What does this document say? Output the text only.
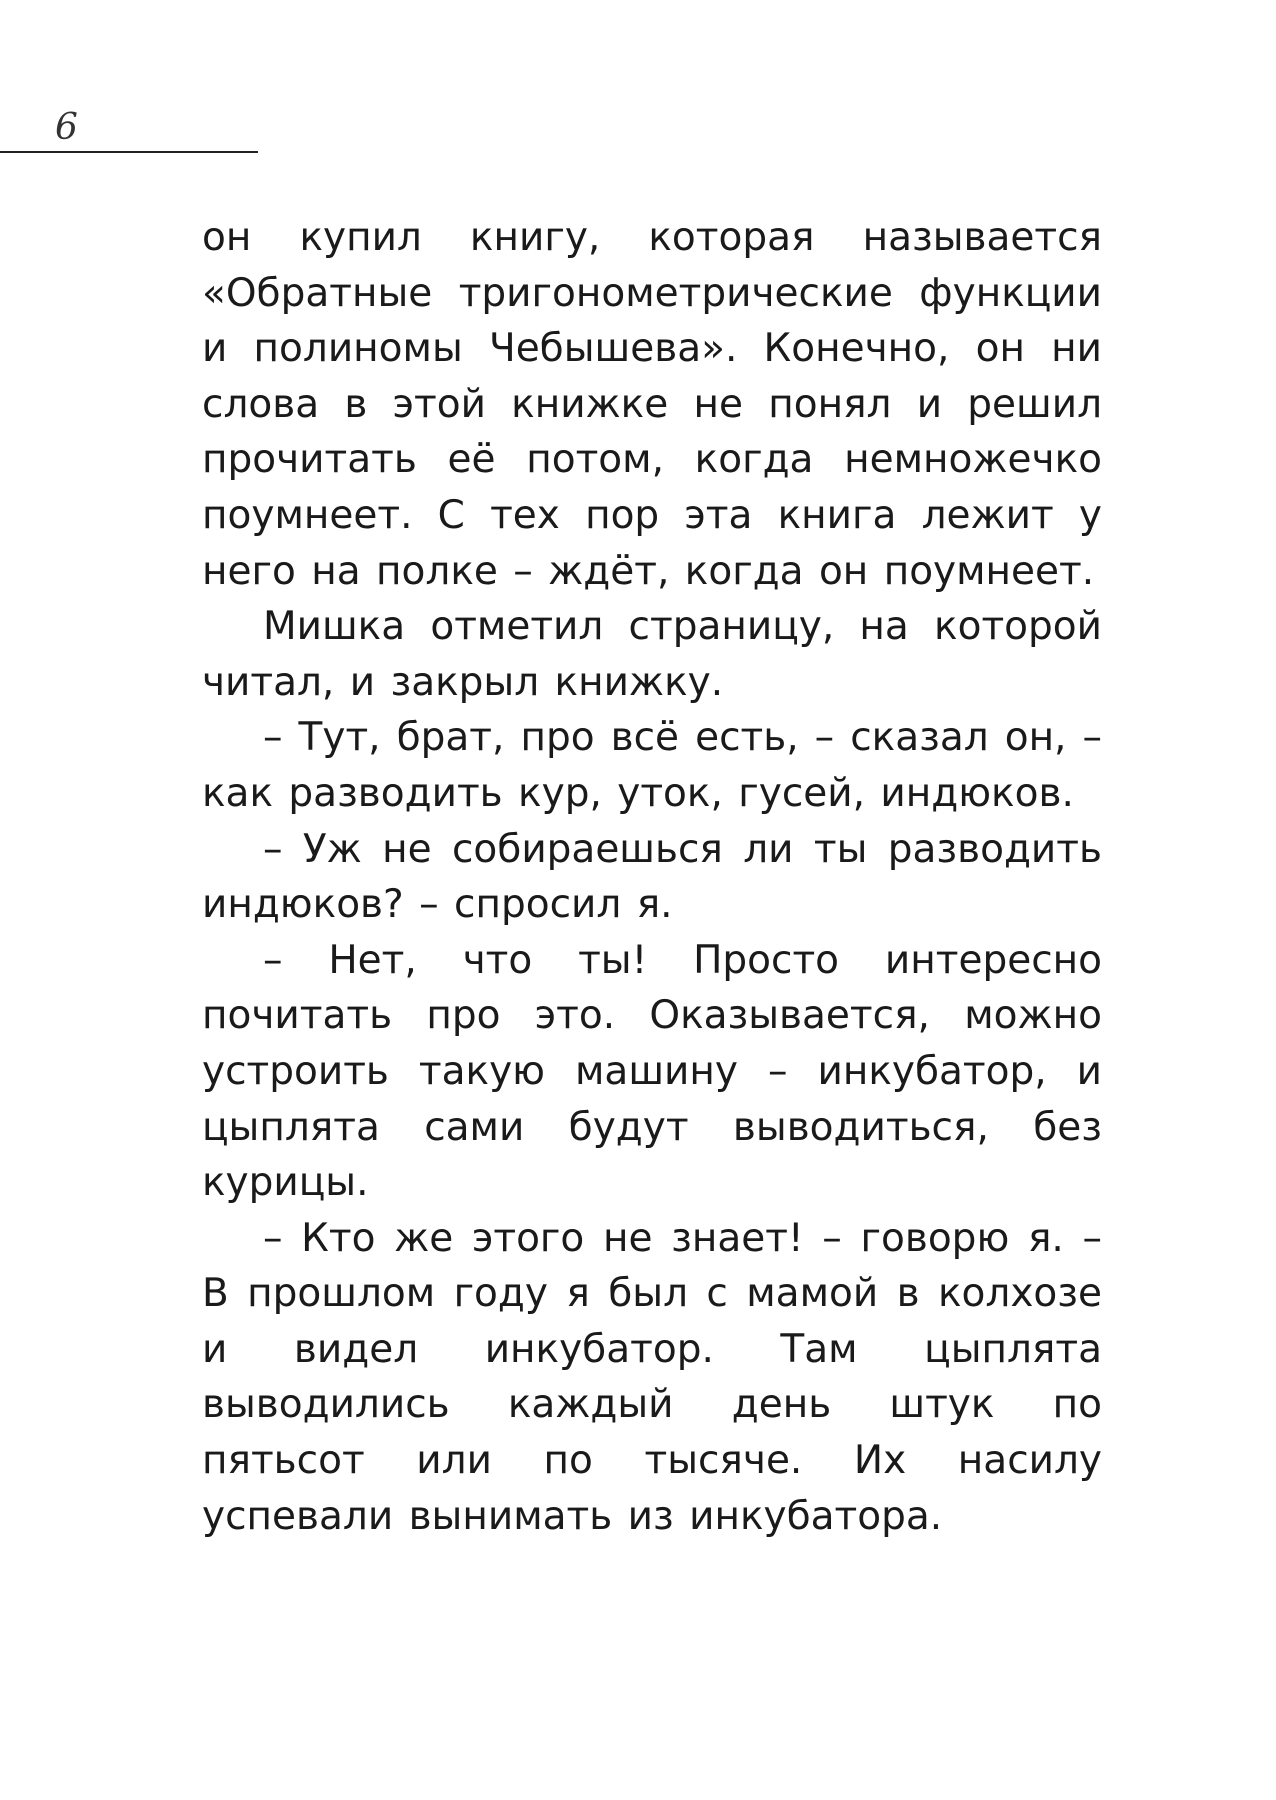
6

он купил книгу, которая называется «Обратные тригонометрические функции и полиномы Чебышева». Конечно, он ни слова в этой книжке не понял и решил прочитать её потом, когда немножечко поумнеет. С тех пор эта книга лежит у него на полке – ждёт, когда он поумнеет.

Мишка отметил страницу, на которой читал, и закрыл книжку.

– Тут, брат, про всё есть, – сказал он, – как разводить кур, уток, гусей, индюков.

– Уж не собираешься ли ты разводить индюков? – спросил я.

– Нет, что ты! Просто интересно почитать про это. Оказывается, можно устроить такую машину – инкубатор, и цыплята сами будут выводиться, без курицы.

– Кто же этого не знает! – говорю я. – В прошлом году я был с мамой в колхозе и видел инкубатор. Там цыплята выводились каждый день штук по пятьсот или по тысяче. Их насилу успевали вынимать из инкубатора.
